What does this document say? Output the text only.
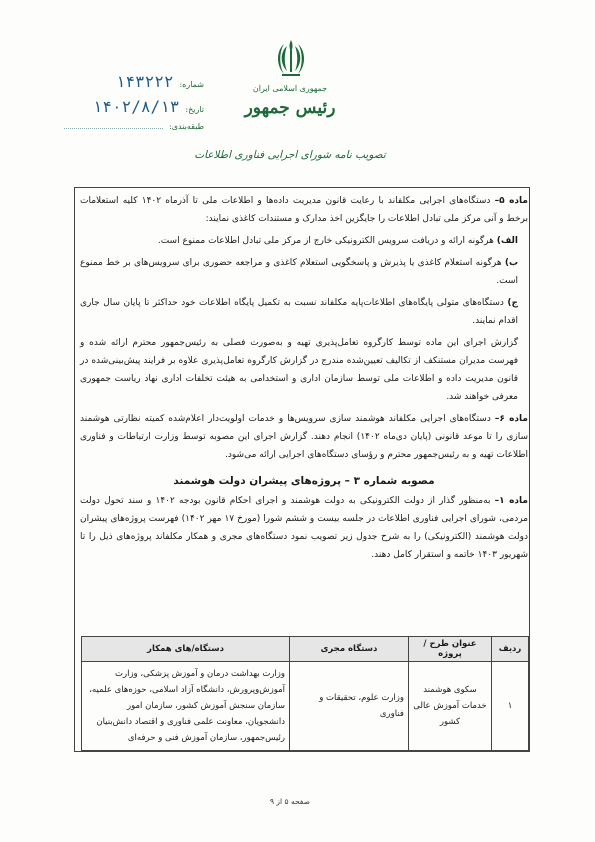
جمهوری اسلامی ایران
رئیس جمهور
تصویب نامه شورای اجرایی فناوری اطلاعات
شماره:
۱۴۳۲۲۲
تاریخ:
۱۴۰۲/۸/۱۳
طبقه‌بندی:

ماده ۵– دستگاه‌های اجرایی مکلفاند با رعایت قانون مدیریت داده‌ها و اطلاعات ملی تا آذرماه ۱۴۰۲ کلیه استعلامات برخط و آنی مرکز ملی تبادل اطلاعات را جایگزین اخذ مدارک و مستندات کاغذی نمایند:

الف) هرگونه ارائه و دریافت سرویس الکترونیکی خارج از مرکز ملی تبادل اطلاعات ممنوع است.

ب) هرگونه استعلام کاغذی یا پذیرش و پاسخگویی استعلام کاغذی و مراجعه حضوری برای سرویس‌های بر خط ممنوع است.

ج) دستگاه‌های متولی پایگاه‌های اطلاعات‌پایه مکلفاند نسبت به تکمیل پایگاه اطلاعات خود حداکثر تا پایان سال جاری اقدام نمایند.

گزارش اجرای این ماده توسط کارگروه تعامل‌پذیری تهیه و به‌صورت فصلی به رئیس‌جمهور محترم ارائه شده و فهرست مدیران مستنکف از تکالیف تعیین‌شده مندرج در گزارش کارگروه تعامل‌پذیری علاوه بر فرایند پیش‌بینی‌شده در قانون مدیریت داده و اطلاعات ملی توسط سازمان اداری و استخدامی به هیئت تخلفات اداری نهاد ریاست جمهوری معرفی خواهند شد.

ماده ۶– دستگاه‌های اجرایی مکلفاند هوشمند سازی سرویس‌ها و خدمات اولویت‌دار اعلام‌شده کمیته نظارتی هوشمند سازی را تا موعد قانونی (پایان دی‌ماه ۱۴۰۲) انجام دهند. گزارش اجرای این مصوبه توسط وزارت ارتباطات و فناوری اطلاعات تهیه و به رئیس‌جمهور محترم و رؤسای دستگاه‌های اجرایی ارائه می‌شود.

مصوبه شماره ۳ – پروژه‌های پیشران دولت هوشمند

ماده ۱– به‌منظور گذار از دولت الکترونیکی به دولت هوشمند و اجرای احکام قانون بودجه ۱۴۰۲ و سند تحول دولت مردمی، شورای اجرایی فناوری اطلاعات در جلسه بیست و ششم شورا (مورخ ۱۷ مهر ۱۴۰۲) فهرست پروژه‌های پیشران دولت هوشمند (الکترونیکی) را به شرح جدول زیر تصویب نمود دستگاه‌های مجری و همکار مکلفاند پروژه‌های ذیل را تا شهریور ۱۴۰۳ خاتمه و استقرار کامل دهند.

ردیف	عنوان طرح /پروژه	دستگاه مجری	دستگاه/های همکار
۱	سکوی هوشمند خدمات آموزش عالی کشور	وزارت علوم، تحقیقات و فناوری	وزارت بهداشت درمان و آموزش پزشکی، وزارت آموزش‌وپرورش، دانشگاه آزاد اسلامی، حوزه‌های علمیه، سازمان سنجش آموزش کشور، سازمان امور دانشجویان، معاونت علمی فناوری و اقتصاد دانش‌بنیان رئیس‌جمهور، سازمان آموزش فنی و حرفه‌ای
صفحه ۵ از ۹
